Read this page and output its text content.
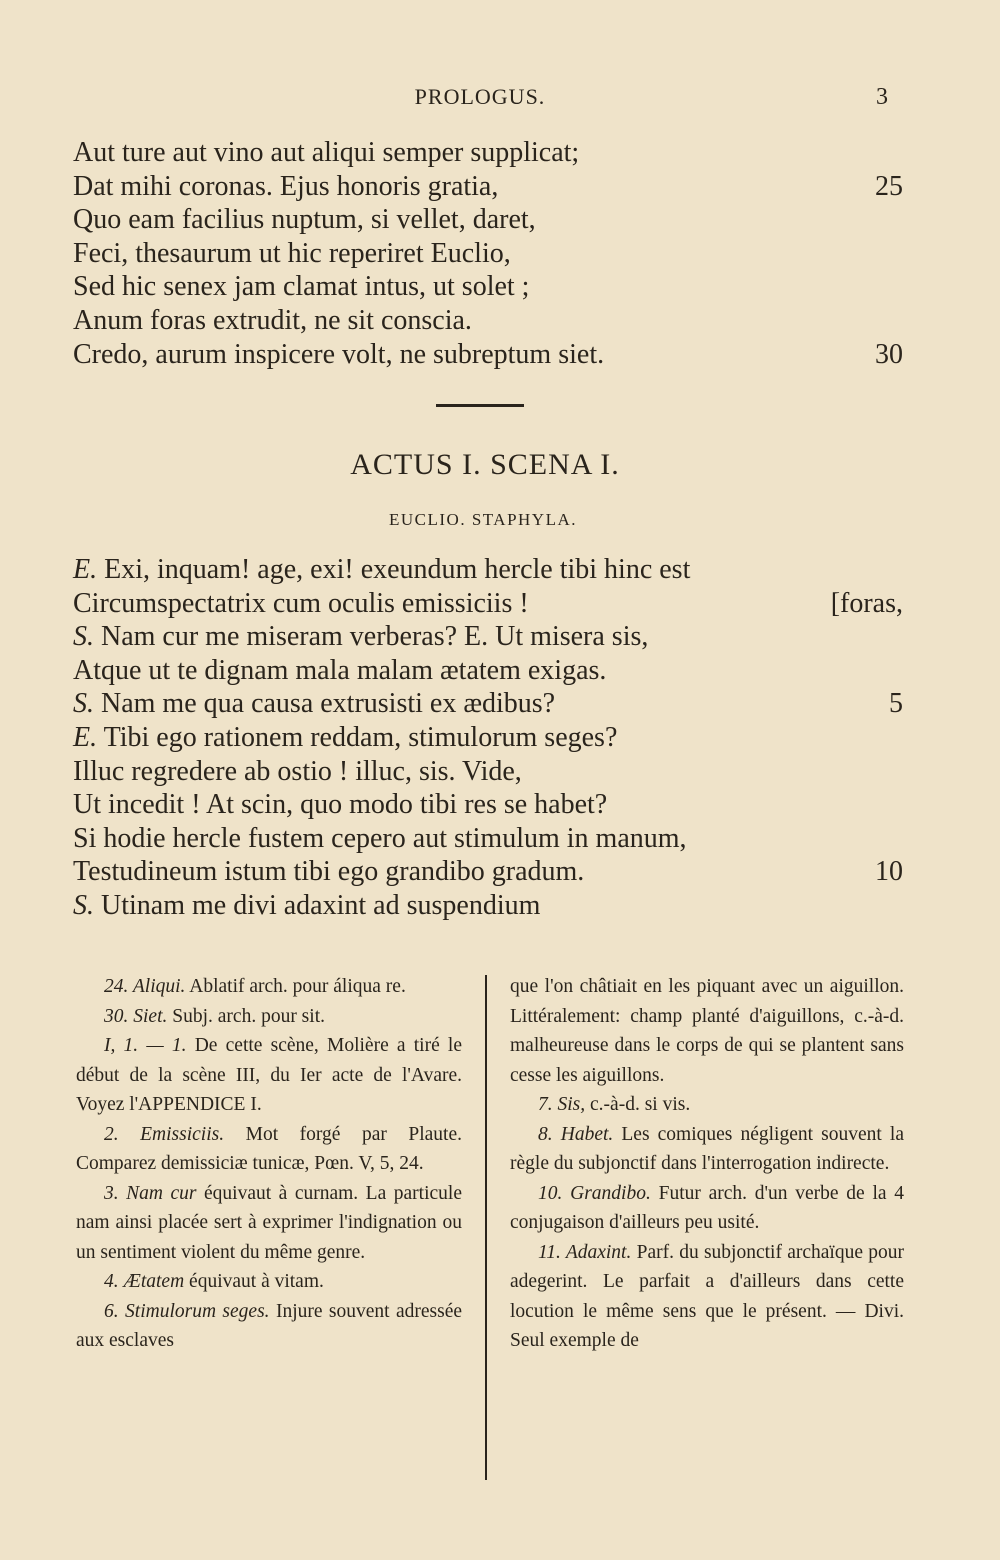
PROLOGUS.	3
Aut ture aut vino aut aliqui semper supplicat;
Dat mihi coronas. Ejus honoris gratia,	25
Quo eam facilius nuptum, si vellet, daret,
Feci, thesaurum ut hic reperiret Euclio,
Sed hic senex jam clamat intus, ut solet ;
Anum foras extrudit, ne sit conscia.
Credo, aurum inspicere volt, ne subreptum siet.	30
ACTUS I. SCENA I.
EUCLIO. STAPHYLA.
E. Exi, inquam! age, exi! exeundum hercle tibi hinc est
Circumspectatrix cum oculis emissiciis !	[foras,
S. Nam cur me miseram verberas? E. Ut misera sis,
Atque ut te dignam mala malam ætatem exigas.
S. Nam me qua causa extrusisti ex ædibus?	5
E. Tibi ego rationem reddam, stimulorum seges?
Illuc regredere ab ostio ! illuc, sis. Vide,
Ut incedit ! At scin, quo modo tibi res se habet?
Si hodie hercle fustem cepero aut stimulum in manum,
Testudineum istum tibi ego grandibo gradum.	10
S. Utinam me divi adaxint ad suspendium

24. Aliqui. Ablatif arch. pour áliqua re.

30. Siet. Subj. arch. pour sit.

I, 1. — 1. De cette scène, Molière a tiré le début de la scène III, du Ier acte de l'Avare. Voyez l'APPENDICE I.

2. Emissiciis. Mot forgé par Plaute. Comparez demissiciæ tunicæ, Pœn. V, 5, 24.

3. Nam cur équivaut à curnam. La particule nam ainsi placée sert à exprimer l'indignation ou un sentiment violent du même genre.

4. Ætatem équivaut à vitam.

6. Stimulorum seges. Injure souvent adressée aux esclaves

que l'on châtiait en les piquant avec un aiguillon. Littéralement: champ planté d'aiguillons, c.-à-d. malheureuse dans le corps de qui se plantent sans cesse les aiguillons.

7. Sis, c.-à-d. si vis.

8. Habet. Les comiques négligent souvent la règle du subjonctif dans l'interrogation indirecte.

10. Grandibo. Futur arch. d'un verbe de la 4 conjugaison d'ailleurs peu usité.

11. Adaxint. Parf. du subjonctif archaïque pour adegerint. Le parfait a d'ailleurs dans cette locution le même sens que le présent. — Divi. Seul exemple de
